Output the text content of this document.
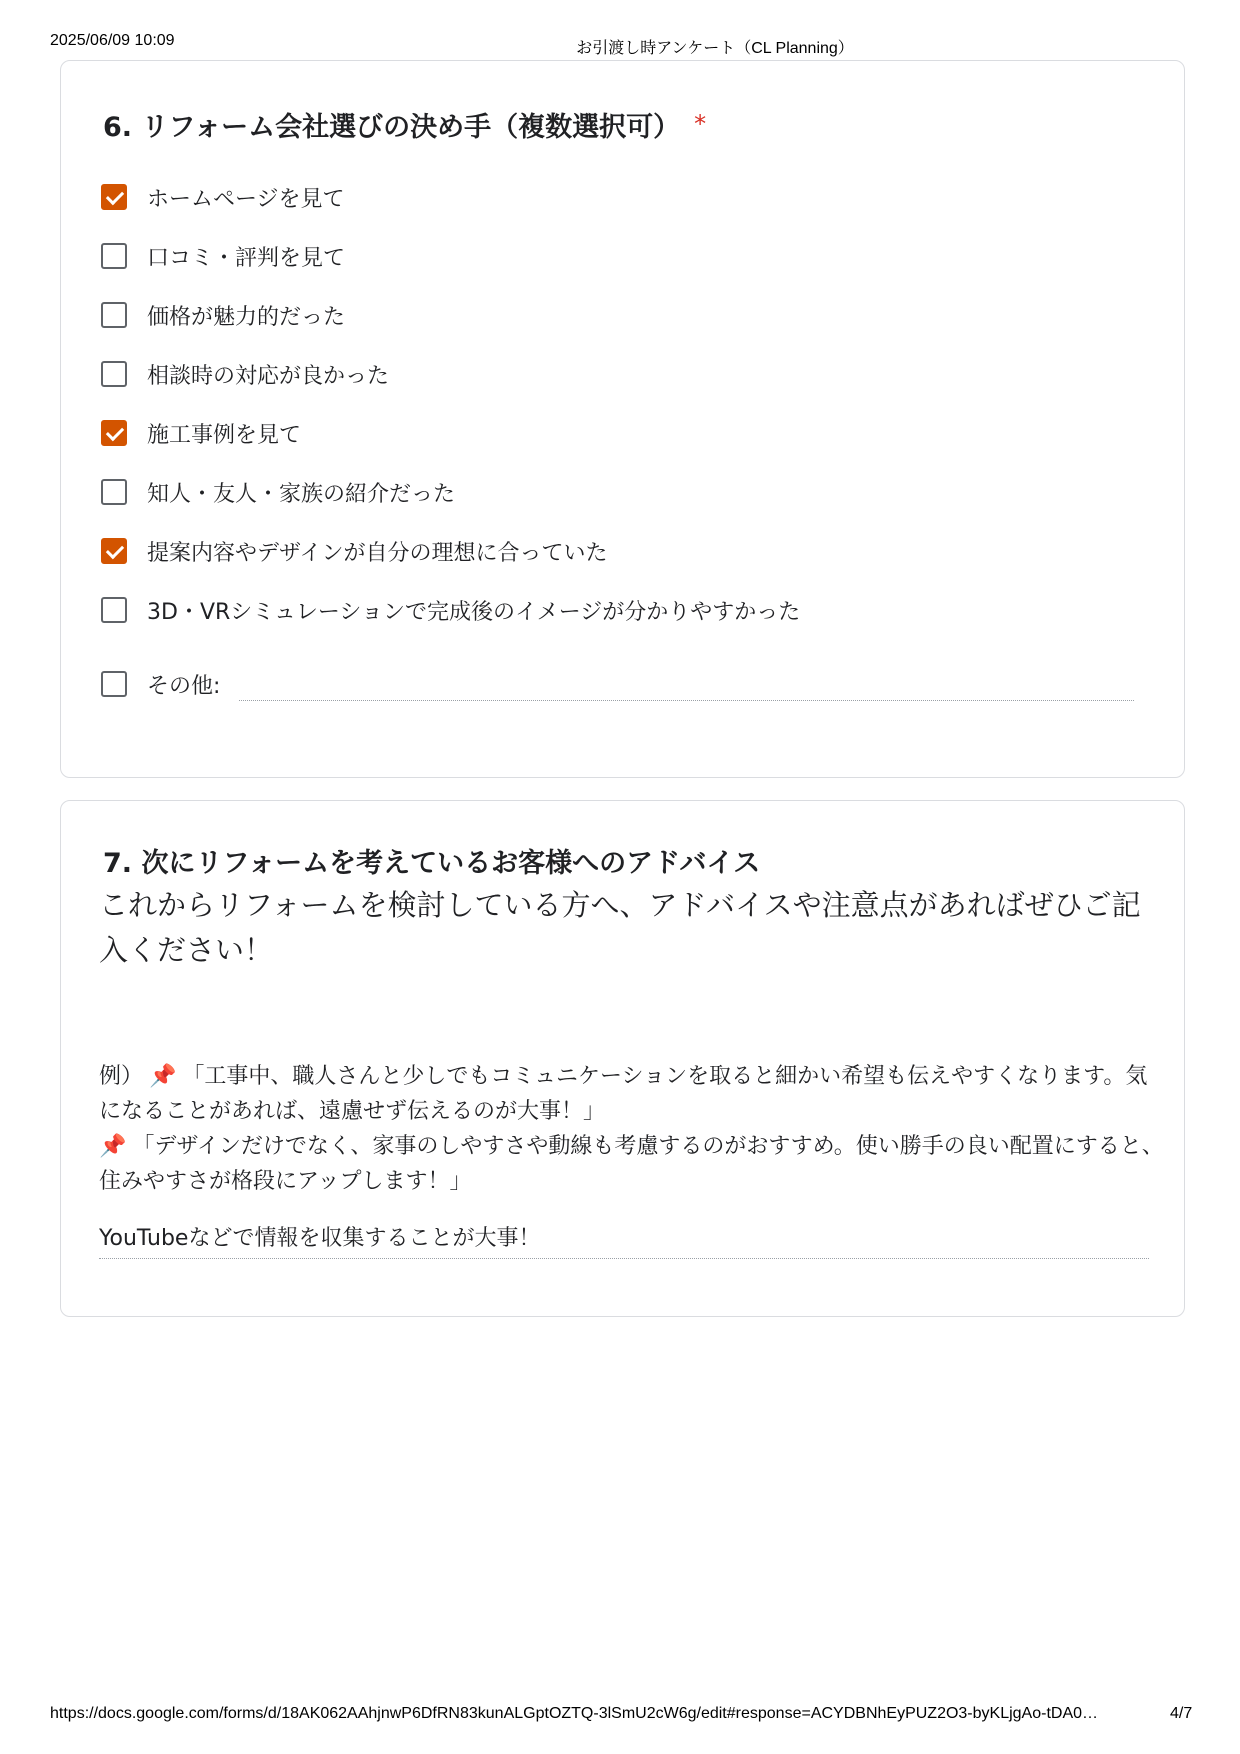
2025/06/09 10:09	お引渡し時アンケート（CL Planning）
6. リフォーム会社選びの決め手（複数選択可） *
ホームページを見て
口コミ・評判を見て
価格が魅力的だった
相談時の対応が良かった
施工事例を見て
知人・友人・家族の紹介だった
提案内容やデザインが自分の理想に合っていた
3D・VRシミュレーションで完成後のイメージが分かりやすかった
その他:
7. 次にリフォームを考えているお客様へのアドバイス
これからリフォームを検討している方へ、アドバイスや注意点があればぜひご記入ください！
例） 📌 「工事中、職人さんと少しでもコミュニケーションを取ると細かい希望も伝えやすくなります。気になることがあれば、遠慮せず伝えるのが大事！」
📌 「デザインだけでなく、家事のしやすさや動線も考慮するのがおすすめ。使い勝手の良い配置にすると、住みやすさが格段にアップします！」
YouTubeなどで情報を収集することが大事！
https://docs.google.com/forms/d/18AK062AAhjnwP6DfRN83kunALGptOZTQ-3lSmU2cW6g/edit#response=ACYDBNhEyPUZ2O3-byKLjgAo-tDA0…	4/7
